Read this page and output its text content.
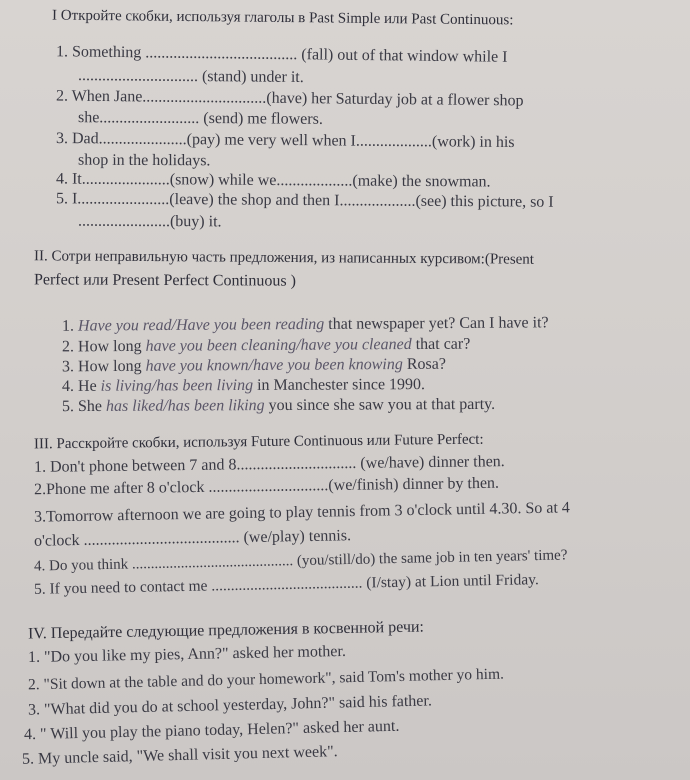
I Откройте скобки, используя глаголы в Past Simple или Past Continuous:
1. Something ...................................... (fall) out of that window while I
.............................. (stand) under it.
2. When Jane...............................(have) her Saturday job at a flower shop
she......................... (send) me flowers.
3. Dad......................(pay) me very well when I...................(work) in his
shop in the holidays.
4. It......................(snow) while we...................(make) the snowman.
5. I.......................(leave) the shop and then I...................(see) this picture, so I
.......................(buy) it.
II. Сотри неправильную часть предложения, из написанных курсивом:(Present
Perfect или Present Perfect Continuous )
1. Have you read/Have you been reading that newspaper yet? Can I have it?
2. How long have you been cleaning/have you cleaned that car?
3. How long have you known/have you been knowing Rosa?
4. He is living/has been living in Manchester since 1990.
5. She has liked/has been liking you since she saw you at that party.
III. Расскройте скобки, используя Future Continuous или Future Perfect:
1. Don't phone between 7 and 8.............................. (we/have) dinner then.
2.Phone me after 8 o'clock ..............................(we/finish) dinner by then.
3.Tomorrow afternoon we are going to play tennis from 3 o'clock until 4.30. So at 4
o'clock ....................................... (we/play) tennis.
4. Do you think ........................................... (you/still/do) the same job in ten years' time?
5. If you need to contact me ....................................... (I/stay) at Lion until Friday.
IV. Передайте следующие предложения в косвенной речи:
1. "Do you like my pies, Ann?" asked her mother.
2. "Sit down at the table and do your homework", said Tom's mother yo him.
3. "What did you do at school yesterday, John?" said his father.
4. " Will you play the piano today, Helen?" asked her aunt.
5. My uncle said, "We shall visit you next week".
